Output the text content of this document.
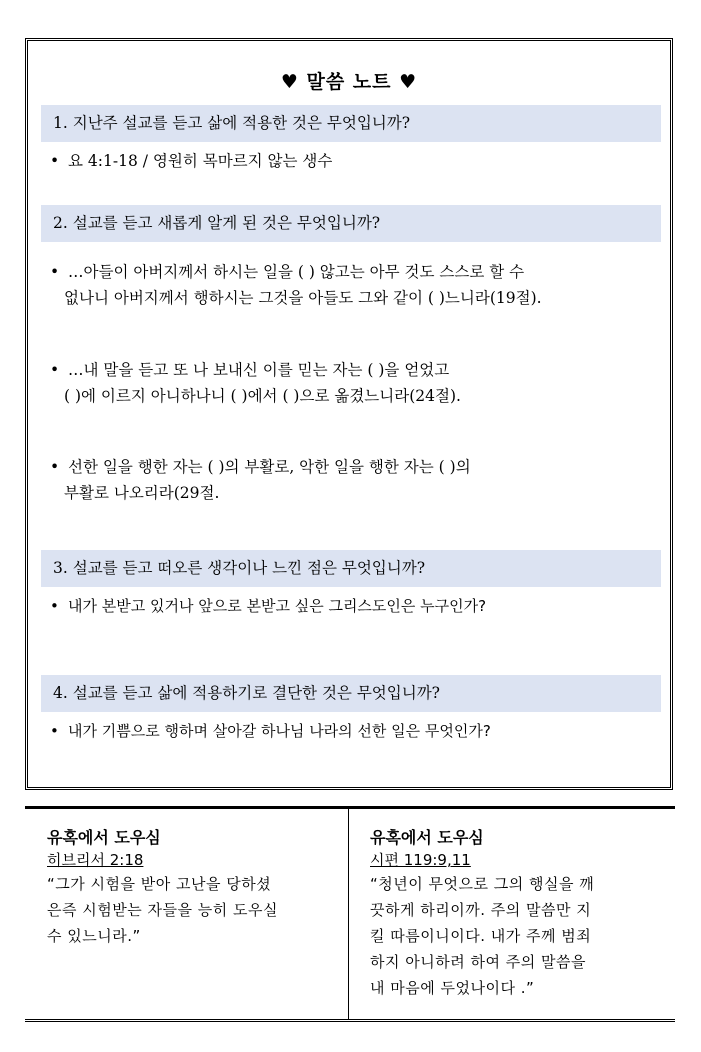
♥ 말씀 노트 ♥
1. 지난주 설교를 듣고 삶에 적용한 것은 무엇입니까?
• 요 4:1-18 / 영원히 목마르지 않는 생수
2. 설교를 듣고 새롭게 알게 된 것은 무엇입니까?
• …아들이 아버지께서 하시는 일을 ( ) 않고는 아무 것도 스스로 할 수
없나니 아버지께서 행하시는 그것을 아들도 그와 같이 ( )느니라(19절).
• …내 말을 듣고 또 나 보내신 이를 믿는 자는 ( )을 얻었고
( )에 이르지 아니하나니 ( )에서 ( )으로 옮겼느니라(24절).
• 선한 일을 행한 자는 ( )의 부활로, 악한 일을 행한 자는 ( )의
부활로 나오리라(29절.
3. 설교를 듣고 떠오른 생각이나 느낀 점은 무엇입니까?
• 내가 본받고 있거나 앞으로 본받고 싶은 그리스도인은 누구인가?
4. 설교를 듣고 삶에 적용하기로 결단한 것은 무엇입니까?
• 내가 기쁨으로 행하며 살아갈 하나님 나라의 선한 일은 무엇인가?
유혹에서 도우심
히브리서 2:18
“그가 시험을 받아 고난을 당하셨
은즉 시험받는 자들을 능히 도우실
수 있느니라.”
유혹에서 도우심
시편 119:9,11
“청년이 무엇으로 그의 행실을 깨
끗하게 하리이까. 주의 말씀만 지
킬 따름이니이다. 내가 주께 범죄
하지 아니하려 하여 주의 말씀을
내 마음에 두었나이다 .”
